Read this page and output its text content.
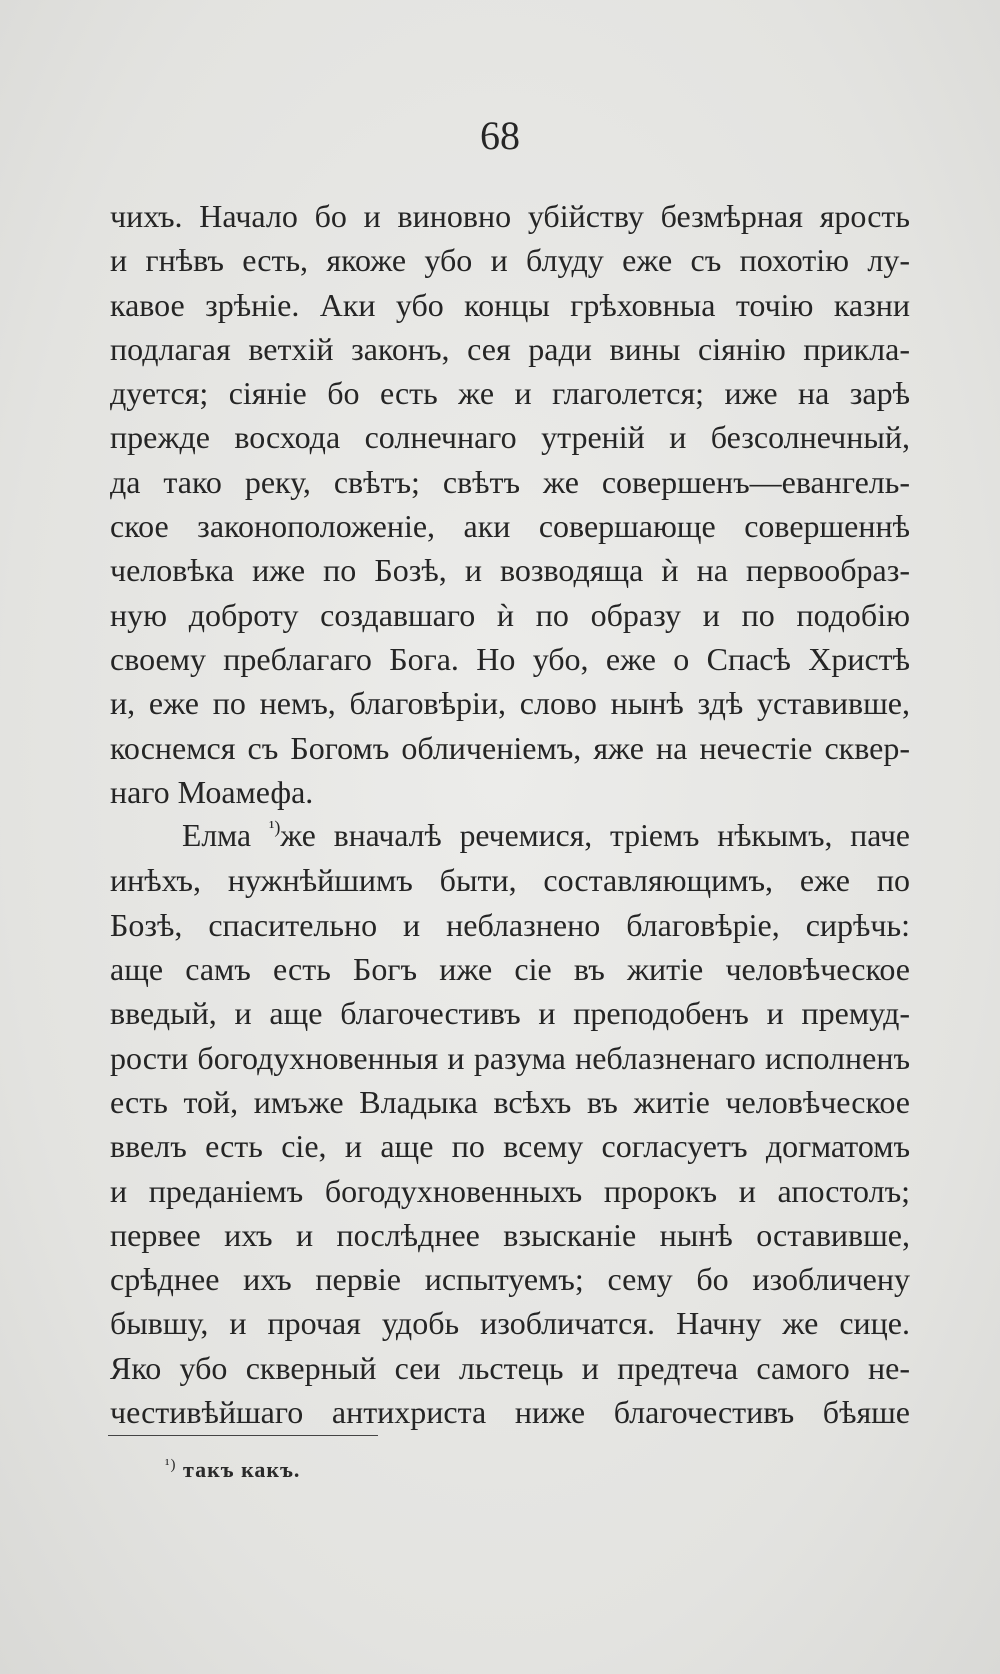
68
чихъ. Начало бо и виновно убійству безмѣрная ярость
и гнѣвъ есть, якоже убо и блуду еже съ похотію лу-
кавое зрѣніе. Аки убо концы грѣховныа точію казни
подлагая ветхій законъ, сея ради вины сіянію прикла-
дуется; сіяніе бо есть же и глаголется; иже на зарѣ
прежде восхода солнечнаго утреній и безсолнечный,
да тако реку, свѣтъ; свѣтъ же совершенъ—евангель-
ское законоположеніе, аки совершающе совершеннѣ
человѣка иже по Бозѣ, и возводяща ѝ на первообраз-
ную доброту создавшаго ѝ по образу и по подобію
своему преблагаго Бога. Но убо, еже о Спасѣ Христѣ
и, еже по немъ, благовѣріи, слово нынѣ здѣ уставивше,
коснемся съ Богомъ обличеніемъ, яже на нечестіе сквер-
наго Моамефа.
Елма $^{^1)}$же вначалѣ речемися, тріемъ нѣкымъ, паче
инѣхъ, нужнѣйшимъ быти, составляющимъ, еже по
Бозѣ, спасительно и неблазнено благовѣріе, сирѣчь:
аще самъ есть Богъ иже сіе въ житіе человѣческое
введый, и аще благочестивъ и преподобенъ и премуд-
рости богодухновенныя и разума неблазненаго исполненъ
есть той, имъже Владыка всѣхъ въ житіе человѣческое
ввелъ есть сіе, и аще по всему согласуетъ догматомъ
и преданіемъ богодухновенныхъ пророкъ и апостолъ;
первее ихъ и послѣднее взысканіе нынѣ оставивше,
срѣднее ихъ первіе испытуемъ; сему бо изобличену
бывшу, и прочая удобь изобличатся. Начну же сице.
Яко убо скверный сеи льстець и предтеча самого не-
честивѣйшаго антихриста ниже благочестивъ бѣяше
$^{^1)}$ такъ какъ.
